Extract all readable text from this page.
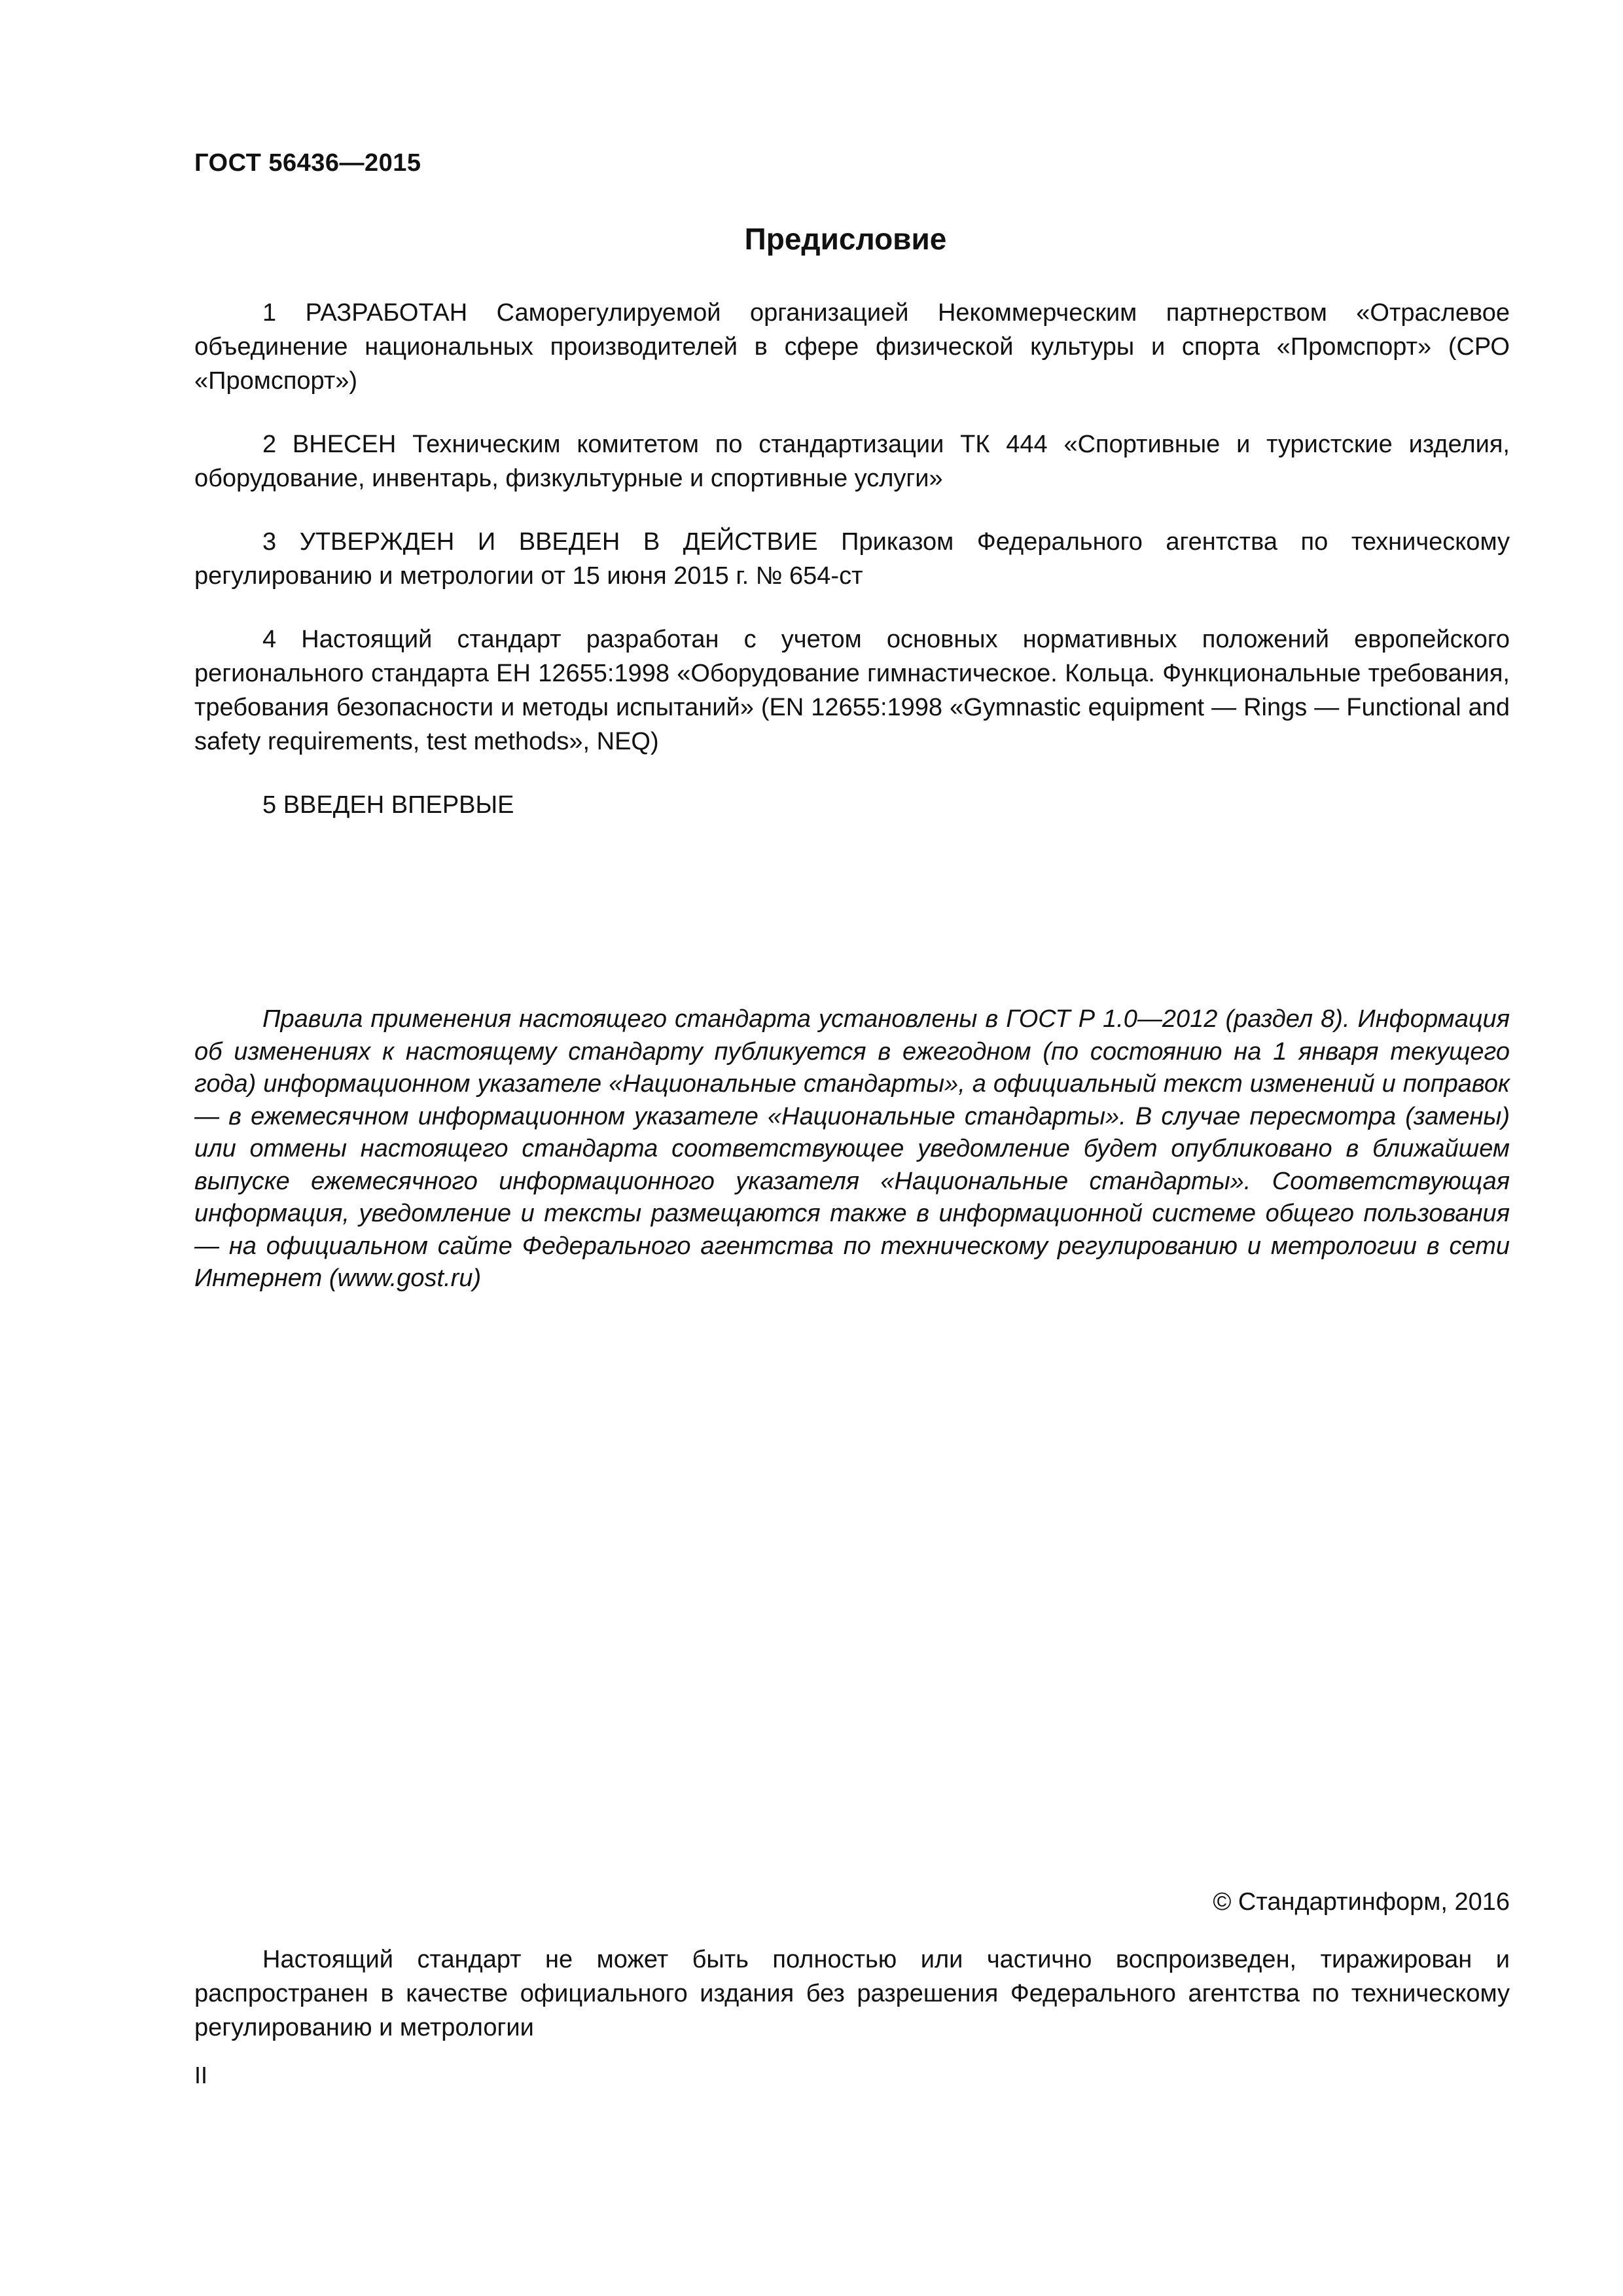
ГОСТ 56436—2015
Предисловие

1 РАЗРАБОТАН Саморегулируемой организацией Некоммерческим партнерством «Отраслевое объединение национальных производителей в сфере физической культуры и спорта «Промспорт» (СРО «Промспорт»)

2 ВНЕСЕН Техническим комитетом по стандартизации ТК 444 «Спортивные и туристские изделия, оборудование, инвентарь, физкультурные и спортивные услуги»

3 УТВЕРЖДЕН И ВВЕДЕН В ДЕЙСТВИЕ Приказом Федерального агентства по техническому регулированию и метрологии от 15 июня 2015 г. № 654-ст

4 Настоящий стандарт разработан с учетом основных нормативных положений европейского регионального стандарта ЕН 12655:1998 «Оборудование гимнастическое. Кольца. Функциональные требования, требования безопасности и методы испытаний» (EN 12655:1998 «Gymnastic equipment — Rings — Functional and safety requirements, test methods», NEQ)

5 ВВЕДЕН ВПЕРВЫЕ

Правила применения настоящего стандарта установлены в ГОСТ Р 1.0—2012 (раздел 8). Информация об изменениях к настоящему стандарту публикуется в ежегодном (по состоянию на 1 января текущего года) информационном указателе «Национальные стандарты», а официальный текст изменений и поправок — в ежемесячном информационном указателе «Национальные стандарты». В случае пересмотра (замены) или отмены настоящего стандарта соответствующее уведомление будет опубликовано в ближайшем выпуске ежемесячного информационного указателя «Национальные стандарты». Соответствующая информация, уведомление и тексты размещаются также в информационной системе общего пользования — на официальном сайте Федерального агентства по техническому регулированию и метрологии в сети Интернет (www.gost.ru)

© Стандартинформ, 2016

Настоящий стандарт не может быть полностью или частично воспроизведен, тиражирован и распространен в качестве официального издания без разрешения Федерального агентства по техническому регулированию и метрологии

II
